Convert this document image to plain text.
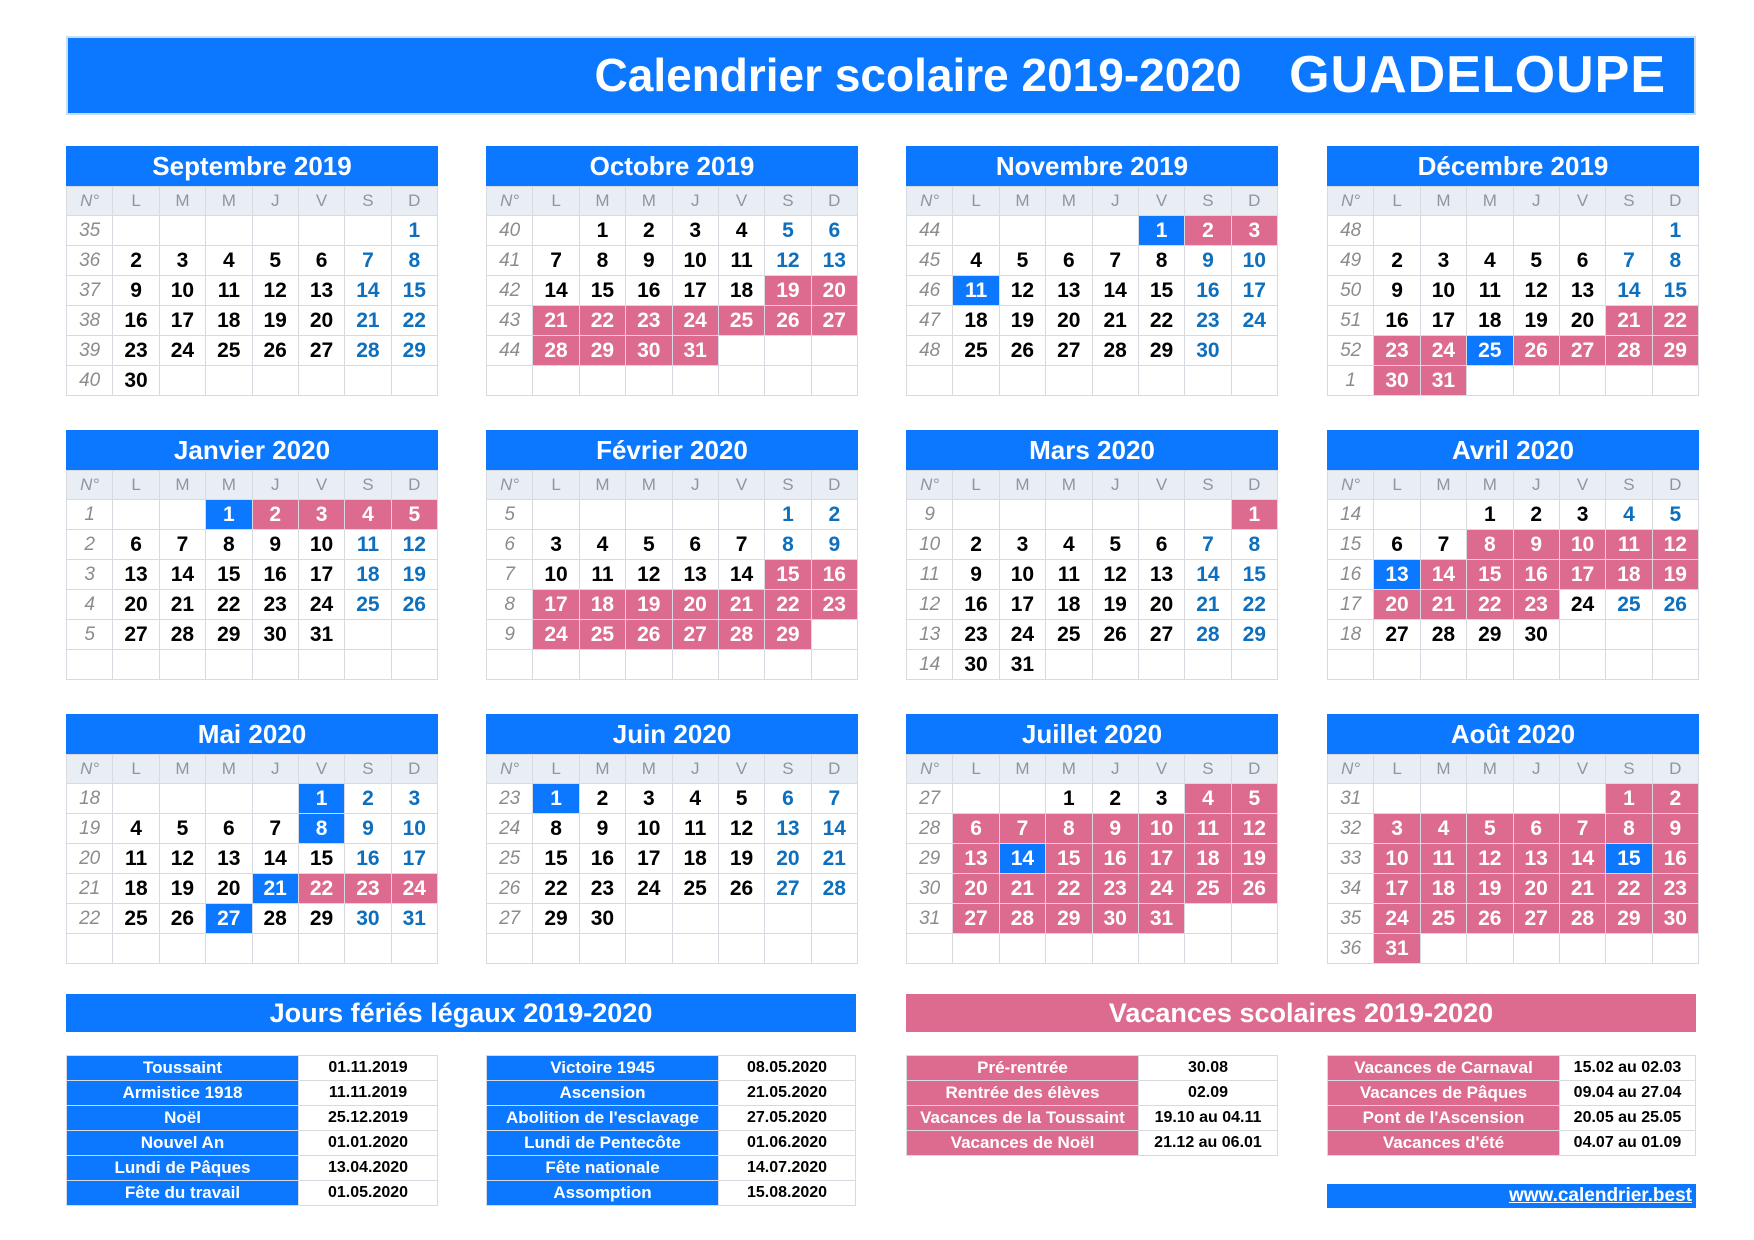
Calendrier scolaire 2019-2020 GUADELOUPE
Septembre 2019
N°	L	M	M	J	V	S	D
35							1
36	2	3	4	5	6	7	8
37	9	10	11	12	13	14	15
38	16	17	18	19	20	21	22
39	23	24	25	26	27	28	29
40	30						
Octobre 2019
N°	L	M	M	J	V	S	D
40		1	2	3	4	5	6
41	7	8	9	10	11	12	13
42	14	15	16	17	18	19	20
43	21	22	23	24	25	26	27
44	28	29	30	31			

Novembre 2019
N°	L	M	M	J	V	S	D
44					1	2	3
45	4	5	6	7	8	9	10
46	11	12	13	14	15	16	17
47	18	19	20	21	22	23	24
48	25	26	27	28	29	30	

Décembre 2019
N°	L	M	M	J	V	S	D
48							1
49	2	3	4	5	6	7	8
50	9	10	11	12	13	14	15
51	16	17	18	19	20	21	22
52	23	24	25	26	27	28	29
1	30	31					
Janvier 2020
N°	L	M	M	J	V	S	D
1			1	2	3	4	5
2	6	7	8	9	10	11	12
3	13	14	15	16	17	18	19
4	20	21	22	23	24	25	26
5	27	28	29	30	31		

Février 2020
N°	L	M	M	J	V	S	D
5						1	2
6	3	4	5	6	7	8	9
7	10	11	12	13	14	15	16
8	17	18	19	20	21	22	23
9	24	25	26	27	28	29	

Mars 2020
N°	L	M	M	J	V	S	D
9							1
10	2	3	4	5	6	7	8
11	9	10	11	12	13	14	15
12	16	17	18	19	20	21	22
13	23	24	25	26	27	28	29
14	30	31					
Avril 2020
N°	L	M	M	J	V	S	D
14			1	2	3	4	5
15	6	7	8	9	10	11	12
16	13	14	15	16	17	18	19
17	20	21	22	23	24	25	26
18	27	28	29	30			

Mai 2020
N°	L	M	M	J	V	S	D
18					1	2	3
19	4	5	6	7	8	9	10
20	11	12	13	14	15	16	17
21	18	19	20	21	22	23	24
22	25	26	27	28	29	30	31

Juin 2020
N°	L	M	M	J	V	S	D
23	1	2	3	4	5	6	7
24	8	9	10	11	12	13	14
25	15	16	17	18	19	20	21
26	22	23	24	25	26	27	28
27	29	30					

Juillet 2020
N°	L	M	M	J	V	S	D
27			1	2	3	4	5
28	6	7	8	9	10	11	12
29	13	14	15	16	17	18	19
30	20	21	22	23	24	25	26
31	27	28	29	30	31		

Août 2020
N°	L	M	M	J	V	S	D
31						1	2
32	3	4	5	6	7	8	9
33	10	11	12	13	14	15	16
34	17	18	19	20	21	22	23
35	24	25	26	27	28	29	30
36	31						
Jours fériés légaux 2019-2020	Vacances scolaires 2019-2020
Toussaint	01.11.2019
Armistice 1918	11.11.2019
Noël	25.12.2019
Nouvel An	01.01.2020
Lundi de Pâques	13.04.2020
Fête du travail	01.05.2020
Victoire 1945	08.05.2020
Ascension	21.05.2020
Abolition de l'esclavage	27.05.2020
Lundi de Pentecôte	01.06.2020
Fête nationale	14.07.2020
Assomption	15.08.2020
Pré-rentrée	30.08
Rentrée des élèves	02.09
Vacances de la Toussaint	19.10 au 04.11
Vacances de Noël	21.12 au 06.01
Vacances de Carnaval	15.02 au 02.03
Vacances de Pâques	09.04 au 27.04
Pont de l'Ascension	20.05 au 25.05
Vacances d'été	04.07 au 01.09
www.calendrier.best
